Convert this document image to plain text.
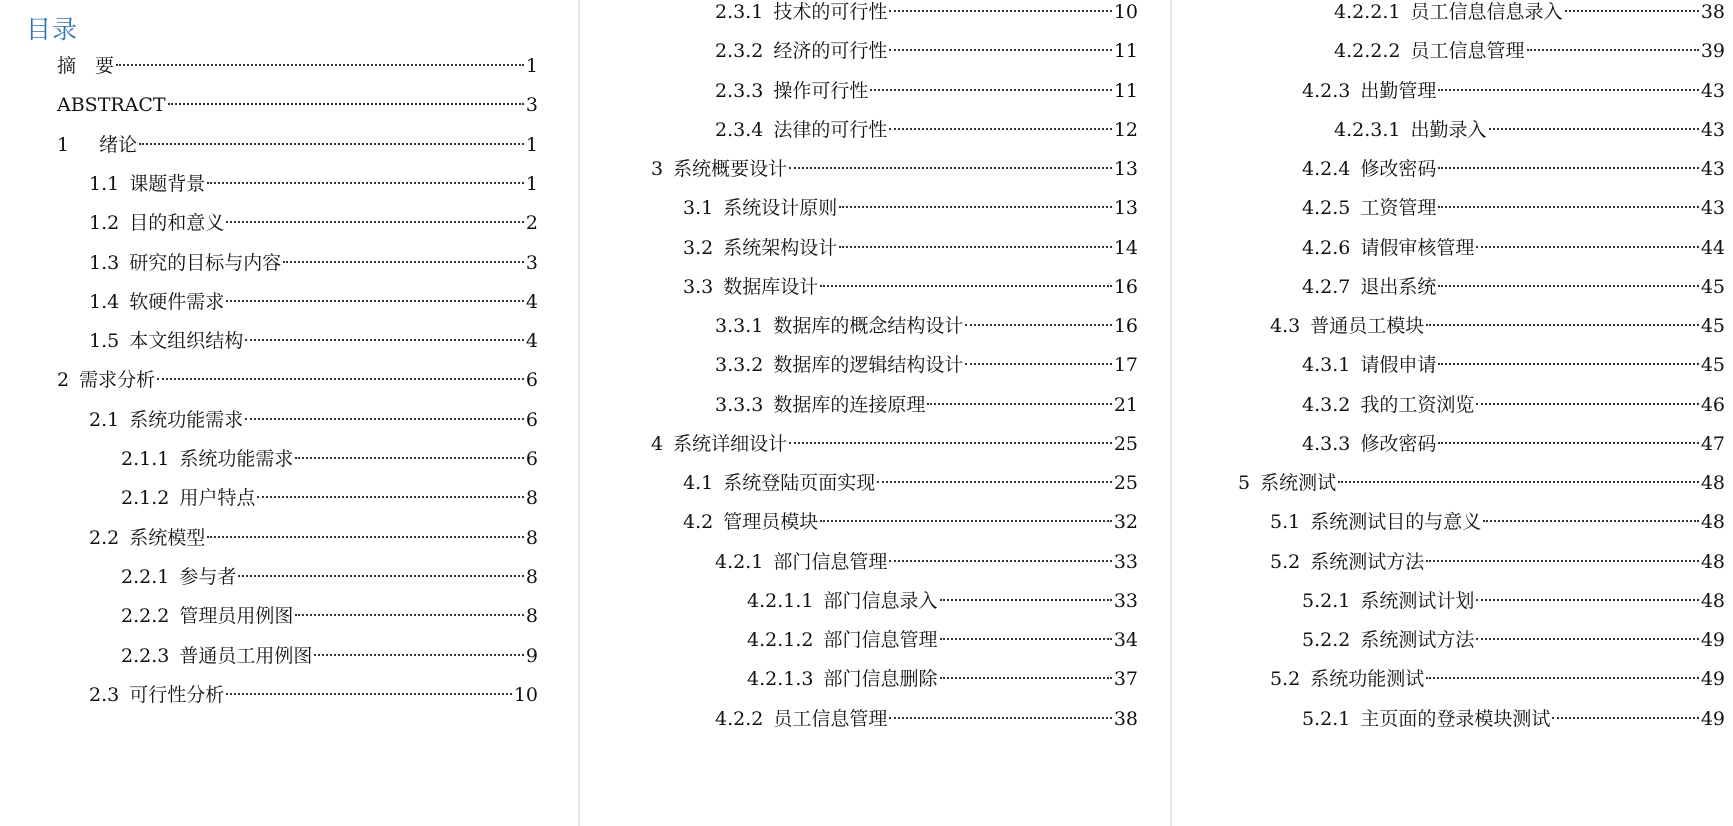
目录
摘　要	1
ABSTRACT	3
1 绪论	1
1.1 课题背景	1
1.2 目的和意义	2
1.3 研究的目标与内容	3
1.4 软硬件需求	4
1.5 本文组织结构	4
2 需求分析	6
2.1 系统功能需求	6
2.1.1 系统功能需求	6
2.1.2 用户特点	8
2.2 系统模型	8
2.2.1 参与者	8
2.2.2 管理员用例图	8
2.2.3 普通员工用例图	9
2.3 可行性分析	10
2.3.1 技术的可行性	10
2.3.2 经济的可行性	11
2.3.3 操作可行性	11
2.3.4 法律的可行性	12
3 系统概要设计	13
3.1 系统设计原则	13
3.2 系统架构设计	14
3.3 数据库设计	16
3.3.1 数据库的概念结构设计	16
3.3.2 数据库的逻辑结构设计	17
3.3.3 数据库的连接原理	21
4 系统详细设计	25
4.1 系统登陆页面实现	25
4.2 管理员模块	32
4.2.1 部门信息管理	33
4.2.1.1 部门信息录入	33
4.2.1.2 部门信息管理	34
4.2.1.3 部门信息删除	37
4.2.2 员工信息管理	38
4.2.2.1 员工信息信息录入	38
4.2.2.2 员工信息管理	39
4.2.3 出勤管理	43
4.2.3.1 出勤录入	43
4.2.4 修改密码	43
4.2.5 工资管理	43
4.2.6 请假审核管理	44
4.2.7 退出系统	45
4.3 普通员工模块	45
4.3.1 请假申请	45
4.3.2 我的工资浏览	46
4.3.3 修改密码	47
5 系统测试	48
5.1 系统测试目的与意义	48
5.2 系统测试方法	48
5.2.1 系统测试计划	48
5.2.2 系统测试方法	49
5.2 系统功能测试	49
5.2.1 主页面的登录模块测试	49
